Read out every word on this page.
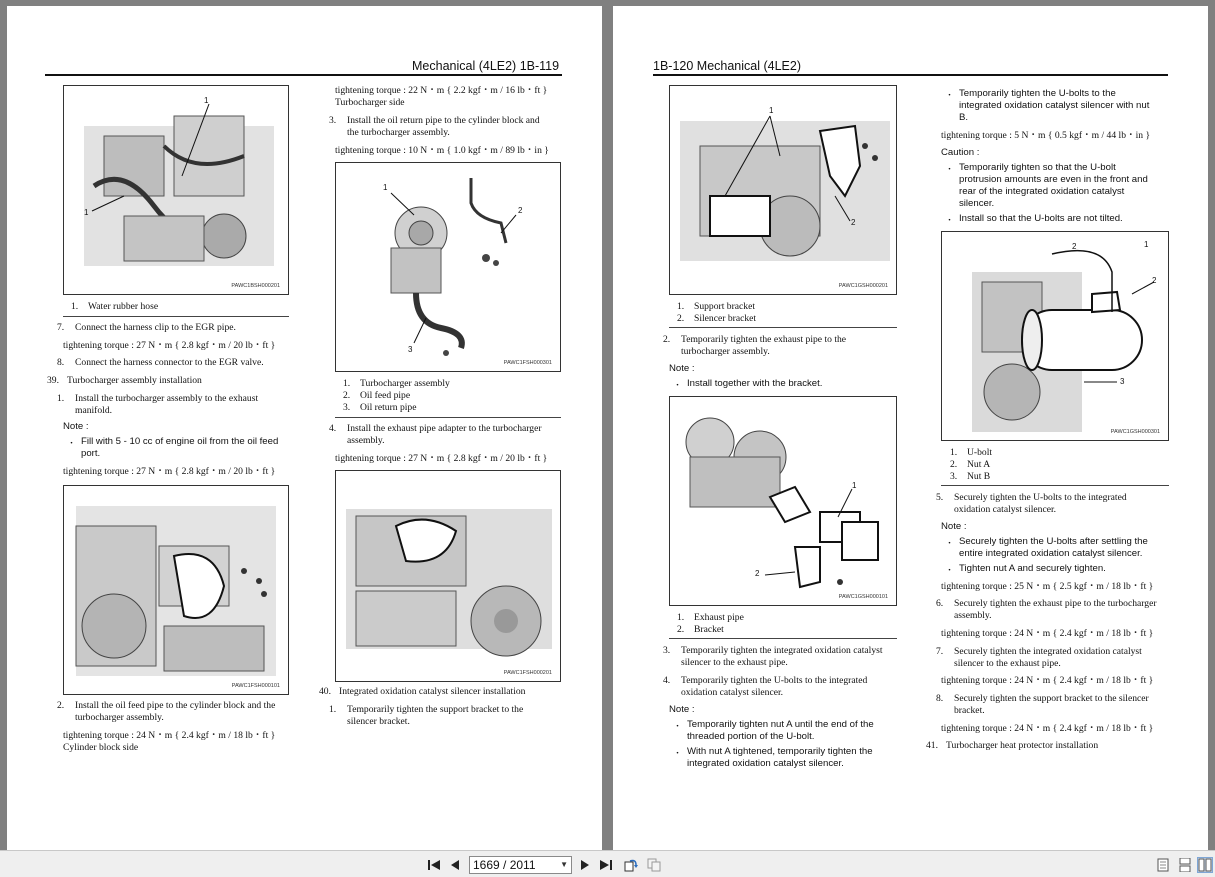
Mechanical (4LE2) 1B-119
1
1
PAWC1BSH000201
1. Water rubber hose
7. Connect the harness clip to the EGR pipe.
tightening torque : 27 N・m { 2.8 kgf・m / 20 lb・ft }
8. Connect the harness connector to the EGR valve.
39. Turbocharger assembly installation
1. Install the turbocharger assembly to the exhaust
manifold.
Note :
・ Fill with 5 - 10 cc of engine oil from the oil feed
port.
tightening torque : 27 N・m { 2.8 kgf・m / 20 lb・ft }
PAWC1FSH000101
2. Install the oil feed pipe to the cylinder block and the
turbocharger assembly.
tightening torque : 24 N・m { 2.4 kgf・m / 18 lb・ft }
Cylinder block side
tightening torque : 22 N・m { 2.2 kgf・m / 16 lb・ft }
Turbocharger side
3. Install the oil return pipe to the cylinder block and
the turbocharger assembly.
tightening torque : 10 N・m { 1.0 kgf・m / 89 lb・in }
1
2
3
PAWC1FSH000301
1. Turbocharger assembly
2. Oil feed pipe
3. Oil return pipe
4. Install the exhaust pipe adapter to the turbocharger
assembly.
tightening torque : 27 N・m { 2.8 kgf・m / 20 lb・ft }
PAWC1FSH000201
40. Integrated oxidation catalyst silencer installation
1. Temporarily tighten the support bracket to the
silencer bracket.
1B-120 Mechanical (4LE2)
1
2
PAWC1GSH000201
1. Support bracket
2. Silencer bracket
2. Temporarily tighten the exhaust pipe to the
turbocharger assembly.
Note :
・ Install together with the bracket.
1
2
PAWC1GSH000101
1. Exhaust pipe
2. Bracket
3. Temporarily tighten the integrated oxidation catalyst
silencer to the exhaust pipe.
4. Temporarily tighten the U-bolts to the integrated
oxidation catalyst silencer.
Note :
・ Temporarily tighten nut A until the end of the
threaded portion of the U-bolt.
・ With nut A tightened, temporarily tighten the
integrated oxidation catalyst silencer.
・ Temporarily tighten the U-bolts to the
integrated oxidation catalyst silencer with nut
B.
tightening torque : 5 N・m { 0.5 kgf・m / 44 lb・in }
Caution :
・ Temporarily tighten so that the U-bolt
protrusion amounts are even in the front and
rear of the integrated oxidation catalyst
silencer.
・ Install so that the U-bolts are not tilted.
2	1
2
3
PAWC1GSH000301
1. U-bolt
2. Nut A
3. Nut B
5. Securely tighten the U-bolts to the integrated
oxidation catalyst silencer.
Note :
・ Securely tighten the U-bolts after settling the
entire integrated oxidation catalyst silencer.
・ Tighten nut A and securely tighten.
tightening torque : 25 N・m { 2.5 kgf・m / 18 lb・ft }
6. Securely tighten the exhaust pipe to the turbocharger
assembly.
tightening torque : 24 N・m { 2.4 kgf・m / 18 lb・ft }
7. Securely tighten the integrated oxidation catalyst
silencer to the exhaust pipe.
tightening torque : 24 N・m { 2.4 kgf・m / 18 lb・ft }
8. Securely tighten the support bracket to the silencer
bracket.
tightening torque : 24 N・m { 2.4 kgf・m / 18 lb・ft }
41. Turbocharger heat protector installation
1669 / 2011	▼
